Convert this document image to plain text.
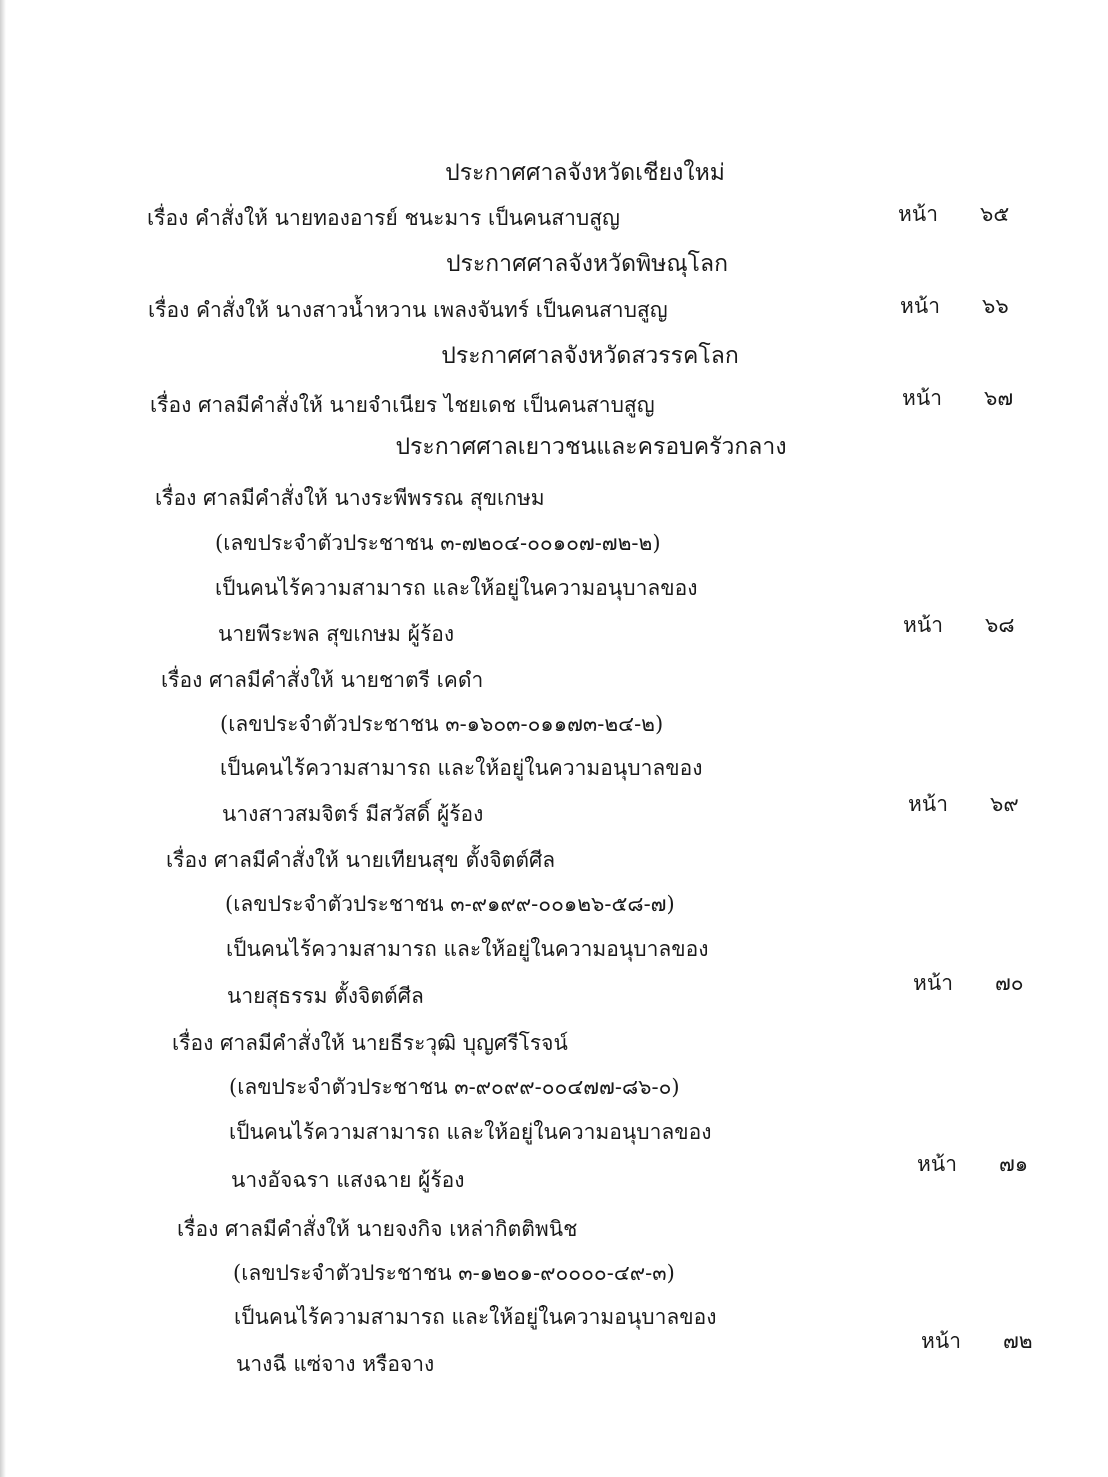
ประกาศศาลจังหวัดเชียงใหม่
เรื่อง คำสั่งให้ นายทองอารย์ ชนะมาร เป็นคนสาบสูญ	หน้า ๖๕
ประกาศศาลจังหวัดพิษณุโลก
เรื่อง คำสั่งให้ นางสาวน้ำหวาน เพลงจันทร์ เป็นคนสาบสูญ	หน้า ๖๖
ประกาศศาลจังหวัดสวรรคโลก
เรื่อง ศาลมีคำสั่งให้ นายจำเนียร ไชยเดช เป็นคนสาบสูญ	หน้า ๖๗
ประกาศศาลเยาวชนและครอบครัวกลาง
เรื่อง ศาลมีคำสั่งให้ นางระพีพรรณ สุขเกษม
(เลขประจำตัวประชาชน ๓-๗๒๐๔-๐๐๑๐๗-๗๒-๒)
เป็นคนไร้ความสามารถ และให้อยู่ในความอนุบาลของ
นายพีระพล สุขเกษม ผู้ร้อง	หน้า ๖๘
เรื่อง ศาลมีคำสั่งให้ นายชาตรี เคดำ
(เลขประจำตัวประชาชน ๓-๑๖๐๓-๐๑๑๗๓-๒๔-๒)
เป็นคนไร้ความสามารถ และให้อยู่ในความอนุบาลของ
นางสาวสมจิตร์ มีสวัสดิ์ ผู้ร้อง	หน้า ๖๙
เรื่อง ศาลมีคำสั่งให้ นายเทียนสุข ตั้งจิตต์ศีล
(เลขประจำตัวประชาชน ๓-๙๑๙๙-๐๐๑๒๖-๕๘-๗)
เป็นคนไร้ความสามารถ และให้อยู่ในความอนุบาลของ
นายสุธรรม ตั้งจิตต์ศีล
หน้า ๗๐
เรื่อง ศาลมีคำสั่งให้ นายธีระวุฒิ บุญศรีโรจน์
(เลขประจำตัวประชาชน ๓-๙๐๙๙-๐๐๔๗๗-๘๖-๐)
เป็นคนไร้ความสามารถ และให้อยู่ในความอนุบาลของ
นางอัจฉรา แสงฉาย ผู้ร้อง
หน้า ๗๑
เรื่อง ศาลมีคำสั่งให้ นายจงกิจ เหล่ากิตติพนิช
(เลขประจำตัวประชาชน ๓-๑๒๐๑-๙๐๐๐๐-๔๙-๓)
เป็นคนไร้ความสามารถ และให้อยู่ในความอนุบาลของ
นางฉี แซ่จาง หรือจาง
หน้า ๗๒
